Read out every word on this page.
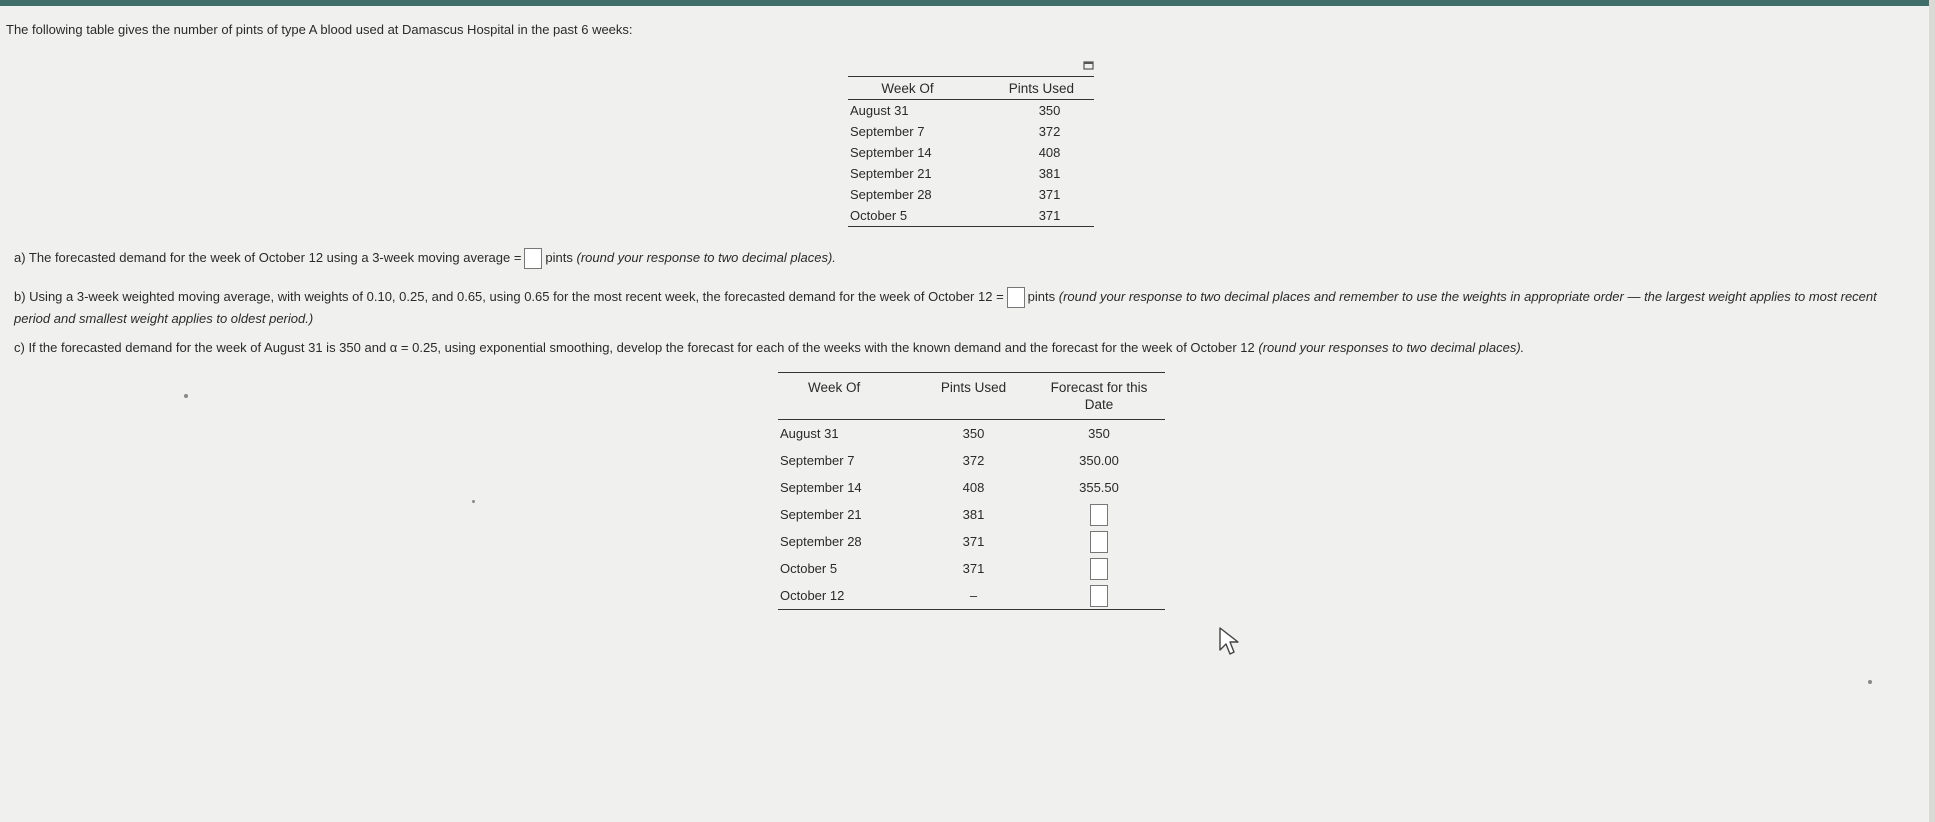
The following table gives the number of pints of type A blood used at Damascus Hospital in the past 6 weeks:
Week Of	Pints Used
August 31	350
September 7	372
September 14	408
September 21	381
September 28	371
October 5	371
a) The forecasted demand for the week of October 12 using a 3-week moving average = pints (round your response to two decimal places).
b) Using a 3-week weighted moving average, with weights of 0.10, 0.25, and 0.65, using 0.65 for the most recent week, the forecasted demand for the week of October 12 = pints (round your response to two decimal places and remember to use the weights in appropriate order — the largest weight applies to most recent period and smallest weight applies to oldest period.)
c) If the forecasted demand for the week of August 31 is 350 and α = 0.25, using exponential smoothing, develop the forecast for each of the weeks with the known demand and the forecast for the week of October 12 (round your responses to two decimal places).
Week Of	Pints Used	Forecast for this Date
August 31	350	350
September 7	372	350.00
September 14	408	355.50
September 21	381	
September 28	371	
October 5	371	
October 12	–	
